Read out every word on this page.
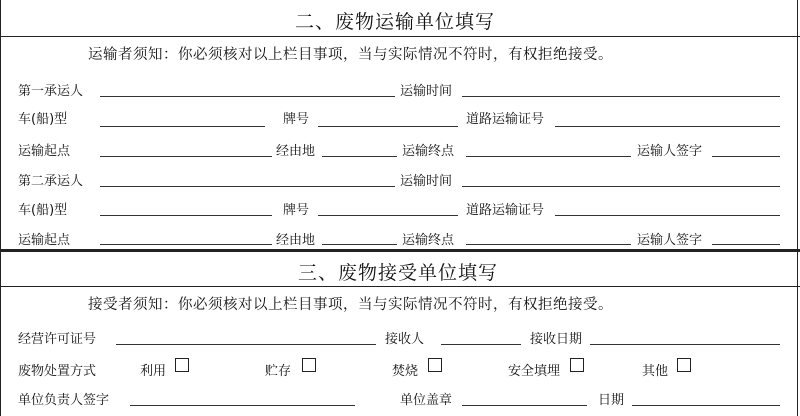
二、废物运输单位填写
运输者须知：你必须核对以上栏目事项，当与实际情况不符时，有权拒绝接受。
第一承运人	运输时间
车(船)型	牌号	道路运输证号
运输起点	经由地	运输终点	运输人签字
第二承运人	运输时间
车(船)型	牌号	道路运输证号
运输起点	经由地	运输终点	运输人签字
三、废物接受单位填写
接受者须知：你必须核对以上栏目事项，当与实际情况不符时，有权拒绝接受。
经营许可证号	接收人	接收日期
废物处置方式	利用	贮存	焚烧	安全填埋	其他
单位负责人签字	单位盖章	日期
